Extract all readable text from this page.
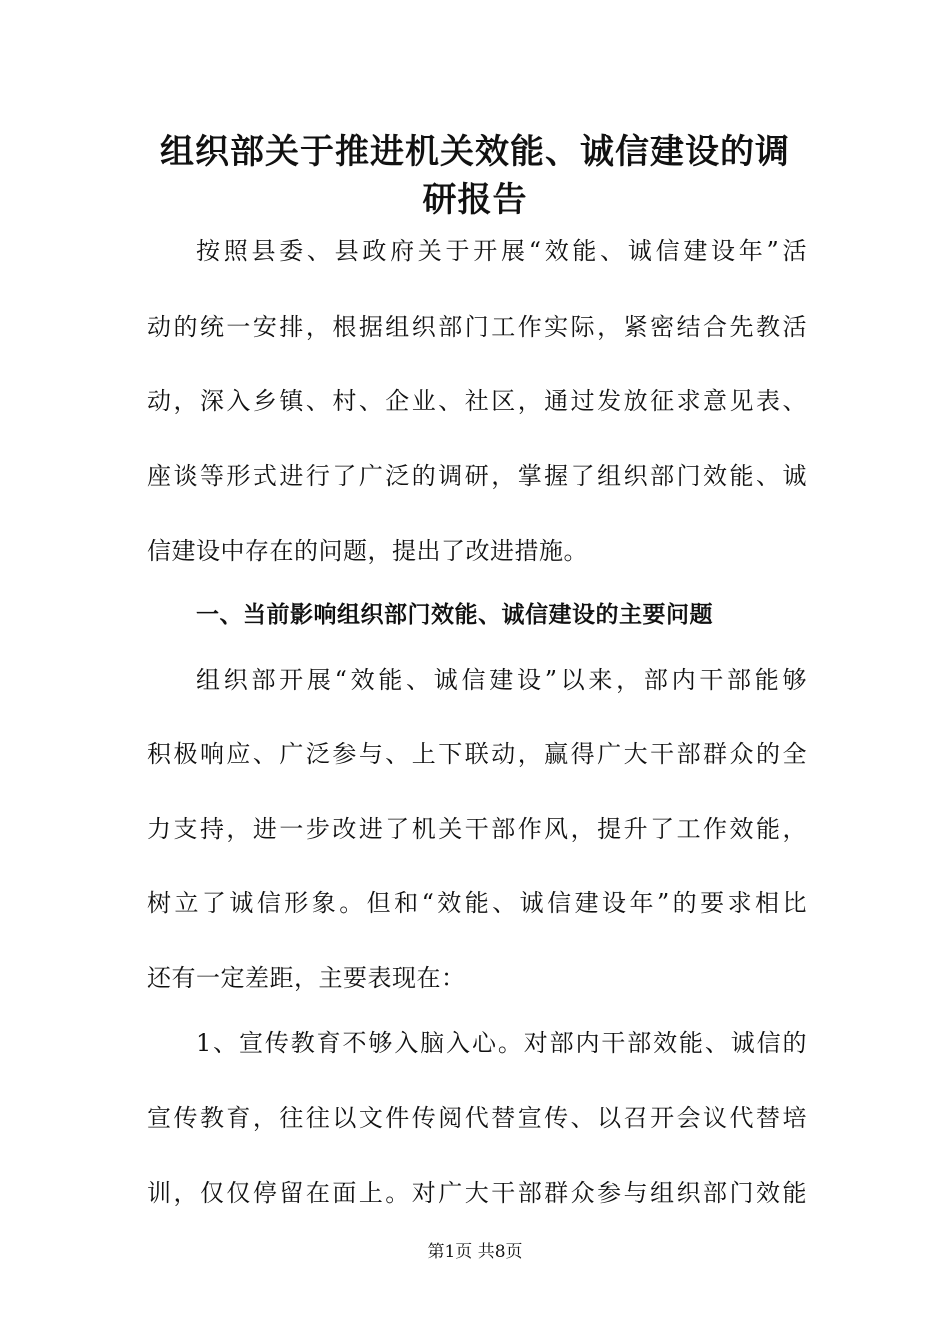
组织部关于推进机关效能、诚信建设的调
研报告
按照县委、县政府关于开展“效能、诚信建设年”活
动的统一安排，根据组织部门工作实际，紧密结合先教活
动，深入乡镇、村、企业、社区，通过发放征求意见表、
座谈等形式进行了广泛的调研，掌握了组织部门效能、诚
信建设中存在的问题，提出了改进措施。
一、当前影响组织部门效能、诚信建设的主要问题
组织部开展“效能、诚信建设”以来，部内干部能够
积极响应、广泛参与、上下联动，赢得广大干部群众的全
力支持，进一步改进了机关干部作风，提升了工作效能，
树立了诚信形象。但和“效能、诚信建设年”的要求相比
还有一定差距，主要表现在：
1、宣传教育不够入脑入心。对部内干部效能、诚信的
宣传教育，往往以文件传阅代替宣传、以召开会议代替培
训，仅仅停留在面上。对广大干部群众参与组织部门效能
第1页 共8页
